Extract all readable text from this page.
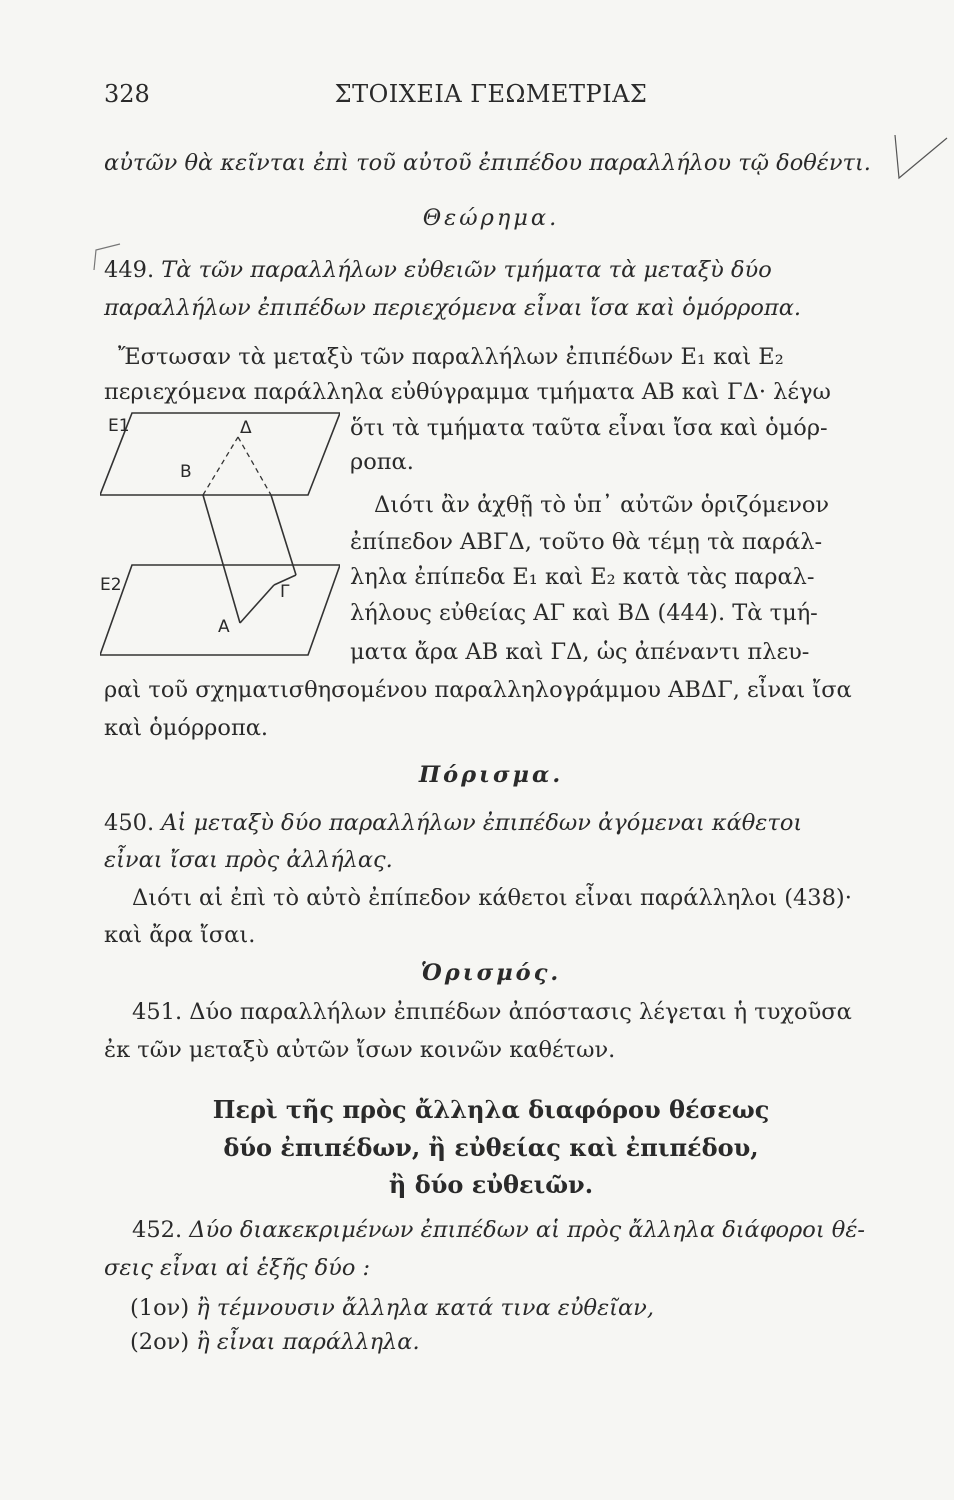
328	ΣΤΟΙΧΕΙΑ ΓΕΩΜΕΤΡΙΑΣ
αὐτῶν θὰ κεῖνται ἐπὶ τοῦ αὐτοῦ ἐπιπέδου παραλλήλου τῷ δοθέντι.
Θεώρημα.
449. Τὰ τῶν παραλλήλων εὐθειῶν τμήματα τὰ μεταξὺ δύο
παραλλήλων ἐπιπέδων περιεχόμενα εἶναι ἴσα καὶ ὁμόρροπα.
Ἔστωσαν τὰ μεταξὺ τῶν παραλλήλων ἐπιπέδων Ε₁ καὶ Ε₂
περιεχόμενα παράλληλα εὐθύγραμμα τμήματα ΑΒ καὶ ΓΔ· λέγω
Ε1
Ε2
Α
Β
Γ
Δ	ὅτι τὰ τμήματα ταῦτα εἶναι ἴσα καὶ ὁμόρ-
ροπα.
Διότι ἂν ἀχθῇ τὸ ὑπ᾿ αὐτῶν ὁριζόμενον
ἐπίπεδον ΑΒΓΔ, τοῦτο θὰ τέμῃ τὰ παράλ-
ληλα ἐπίπεδα Ε₁ καὶ Ε₂ κατὰ τὰς παραλ-
λήλους εὐθείας ΑΓ καὶ ΒΔ (444). Τὰ τμή-
ματα ἄρα ΑΒ καὶ ΓΔ, ὡς ἀπέναντι πλευ-
ραὶ τοῦ σχηματισθησομένου παραλληλογράμμου ΑΒΔΓ, εἶναι ἴσα
καὶ ὁμόρροπα.
Πόρισμα.
450. Αἱ μεταξὺ δύο παραλλήλων ἐπιπέδων ἀγόμεναι κάθετοι
εἶναι ἴσαι πρὸς ἀλλήλας.
Διότι αἱ ἐπὶ τὸ αὐτὸ ἐπίπεδον κάθετοι εἶναι παράλληλοι (438)·
καὶ ἄρα ἴσαι.
Ὁρισμός.
451. Δύο παραλλήλων ἐπιπέδων ἀπόστασις λέγεται ἡ τυχοῦσα
ἐκ τῶν μεταξὺ αὐτῶν ἴσων κοινῶν καθέτων.
Περὶ τῆς πρὸς ἄλληλα διαφόρου θέσεως
δύο ἐπιπέδων, ἢ εὐθείας καὶ ἐπιπέδου,
ἢ δύο εὐθειῶν.
452. Δύο διακεκριμένων ἐπιπέδων αἱ πρὸς ἄλληλα διάφοροι θέ-
σεις εἶναι αἱ ἑξῆς δύο :
(1ον) ἢ τέμνουσιν ἄλληλα κατά τινα εὐθεῖαν,
(2ον) ἢ εἶναι παράλληλα.
